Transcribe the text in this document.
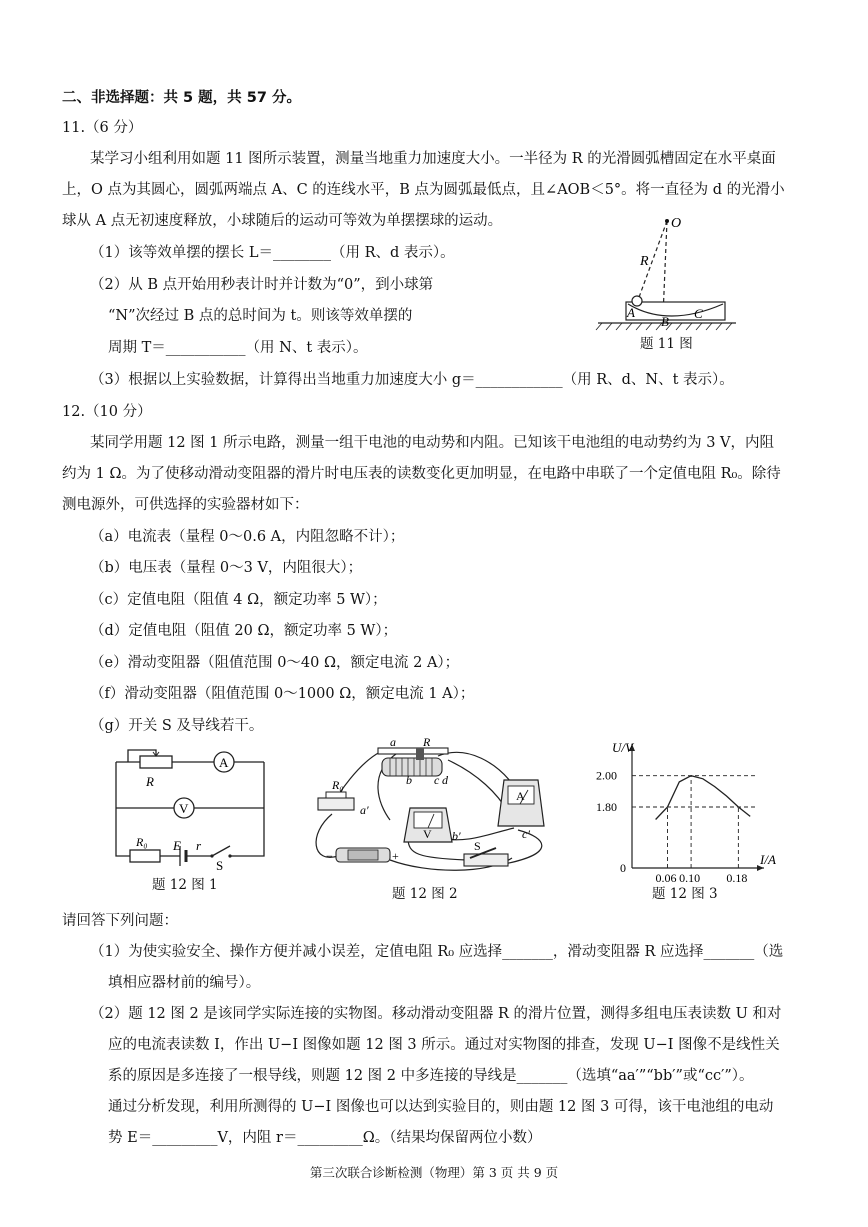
二、非选择题：共 5 题，共 57 分。
11.（6 分）
某学习小组利用如题 11 图所示装置，测量当地重力加速度大小。一半径为 R 的光滑圆弧槽固定在水平桌面
上，O 点为其圆心，圆弧两端点 A、C 的连线水平，B 点为圆弧最低点，且∠AOB＜5°。将一直径为 d 的光滑小
球从 A 点无初速度释放，小球随后的运动可等效为单摆摆球的运动。
（1）该等效单摆的摆长 L＝________（用 R、d 表示）。
（2）从 B 点开始用秒表计时并计数为“0”，到小球第
“N”次经过 B 点的总时间为 t。则该等效单摆的
周期 T＝___________（用 N、t 表示）。
（3）根据以上实验数据，计算得出当地重力加速度大小 g＝____________（用 R、d、N、t 表示）。
O
R
A
B
C
题 11 图
12.（10 分）
某同学用题 12 图 1 所示电路，测量一组干电池的电动势和内阻。已知该干电池组的电动势约为 3 V，内阻
约为 1 Ω。为了使移动滑动变阻器的滑片时电压表的读数变化更加明显，在电路中串联了一个定值电阻 R₀。除待
测电源外，可供选择的实验器材如下：
（a）电流表（量程 0～0.6 A，内阻忽略不计）；
（b）电压表（量程 0～3 V，内阻很大）；
（c）定值电阻（阻值 4 Ω，额定功率 5 W）；
（d）定值电阻（阻值 20 Ω，额定功率 5 W）；
（e）滑动变阻器（阻值范围 0～40 Ω，额定电流 2 A）；
（f）滑动变阻器（阻值范围 0～1000 Ω，额定电流 1 A）；
（g）开关 S 及导线若干。
A
V
R
R₀ E r
S
题 12 图 1
a R
b c d
R₀
a′
b′	c′
V
A
S
−	+
题 12 图 2
2.00
1.80
0.06 0.10 0.18
U/V
I/A
0
题 12 图 3
请回答下列问题：
（1）为使实验安全、操作方便并减小误差，定值电阻 R₀ 应选择_______，滑动变阻器 R 应选择_______（选
填相应器材前的编号）。
（2）题 12 图 2 是该同学实际连接的实物图。移动滑动变阻器 R 的滑片位置，测得多组电压表读数 U 和对
应的电流表读数 I，作出 U−I 图像如题 12 图 3 所示。通过对实物图的排查，发现 U−I 图像不是线性关
系的原因是多连接了一根导线，则题 12 图 2 中多连接的导线是_______（选填“aa′”“bb′”或“cc′”）。
通过分析发现，利用所测得的 U−I 图像也可以达到实验目的，则由题 12 图 3 可得，该干电池组的电动
势 E＝_________V，内阻 r＝_________Ω。（结果均保留两位小数）
第三次联合诊断检测（物理）第 3 页 共 9 页
